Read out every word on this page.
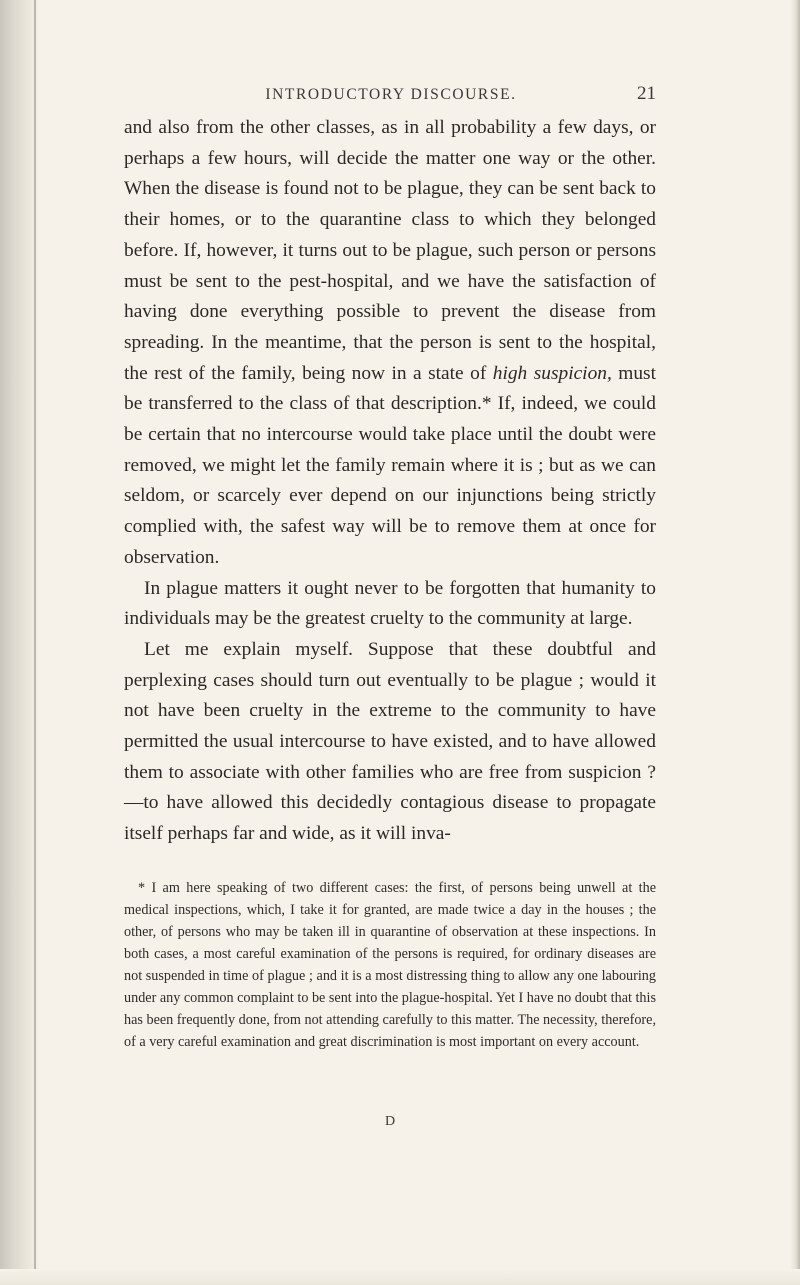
INTRODUCTORY DISCOURSE.	21

and also from the other classes, as in all probability a few days, or perhaps a few hours, will decide the matter one way or the other. When the disease is found not to be plague, they can be sent back to their homes, or to the quarantine class to which they belonged before. If, however, it turns out to be plague, such person or persons must be sent to the pest-hospital, and we have the satisfaction of having done everything possible to prevent the disease from spreading. In the meantime, that the person is sent to the hospital, the rest of the family, being now in a state of high suspicion, must be transferred to the class of that description.* If, indeed, we could be certain that no intercourse would take place until the doubt were removed, we might let the family remain where it is ; but as we can seldom, or scarcely ever depend on our injunctions being strictly complied with, the safest way will be to remove them at once for observation.

In plague matters it ought never to be forgotten that humanity to individuals may be the greatest cruelty to the community at large.

Let me explain myself. Suppose that these doubtful and perplexing cases should turn out eventually to be plague ; would it not have been cruelty in the extreme to the community to have permitted the usual intercourse to have existed, and to have allowed them to associate with other families who are free from suspicion ?—to have allowed this decidedly contagious disease to propagate itself perhaps far and wide, as it will inva-

* I am here speaking of two different cases: the first, of persons being unwell at the medical inspections, which, I take it for granted, are made twice a day in the houses ; the other, of persons who may be taken ill in quarantine of observation at these inspections. In both cases, a most careful examination of the persons is required, for ordinary diseases are not suspended in time of plague ; and it is a most distressing thing to allow any one labouring under any common complaint to be sent into the plague-hospital. Yet I have no doubt that this has been frequently done, from not attending carefully to this matter. The necessity, therefore, of a very careful examination and great discrimination is most important on every account.

D
